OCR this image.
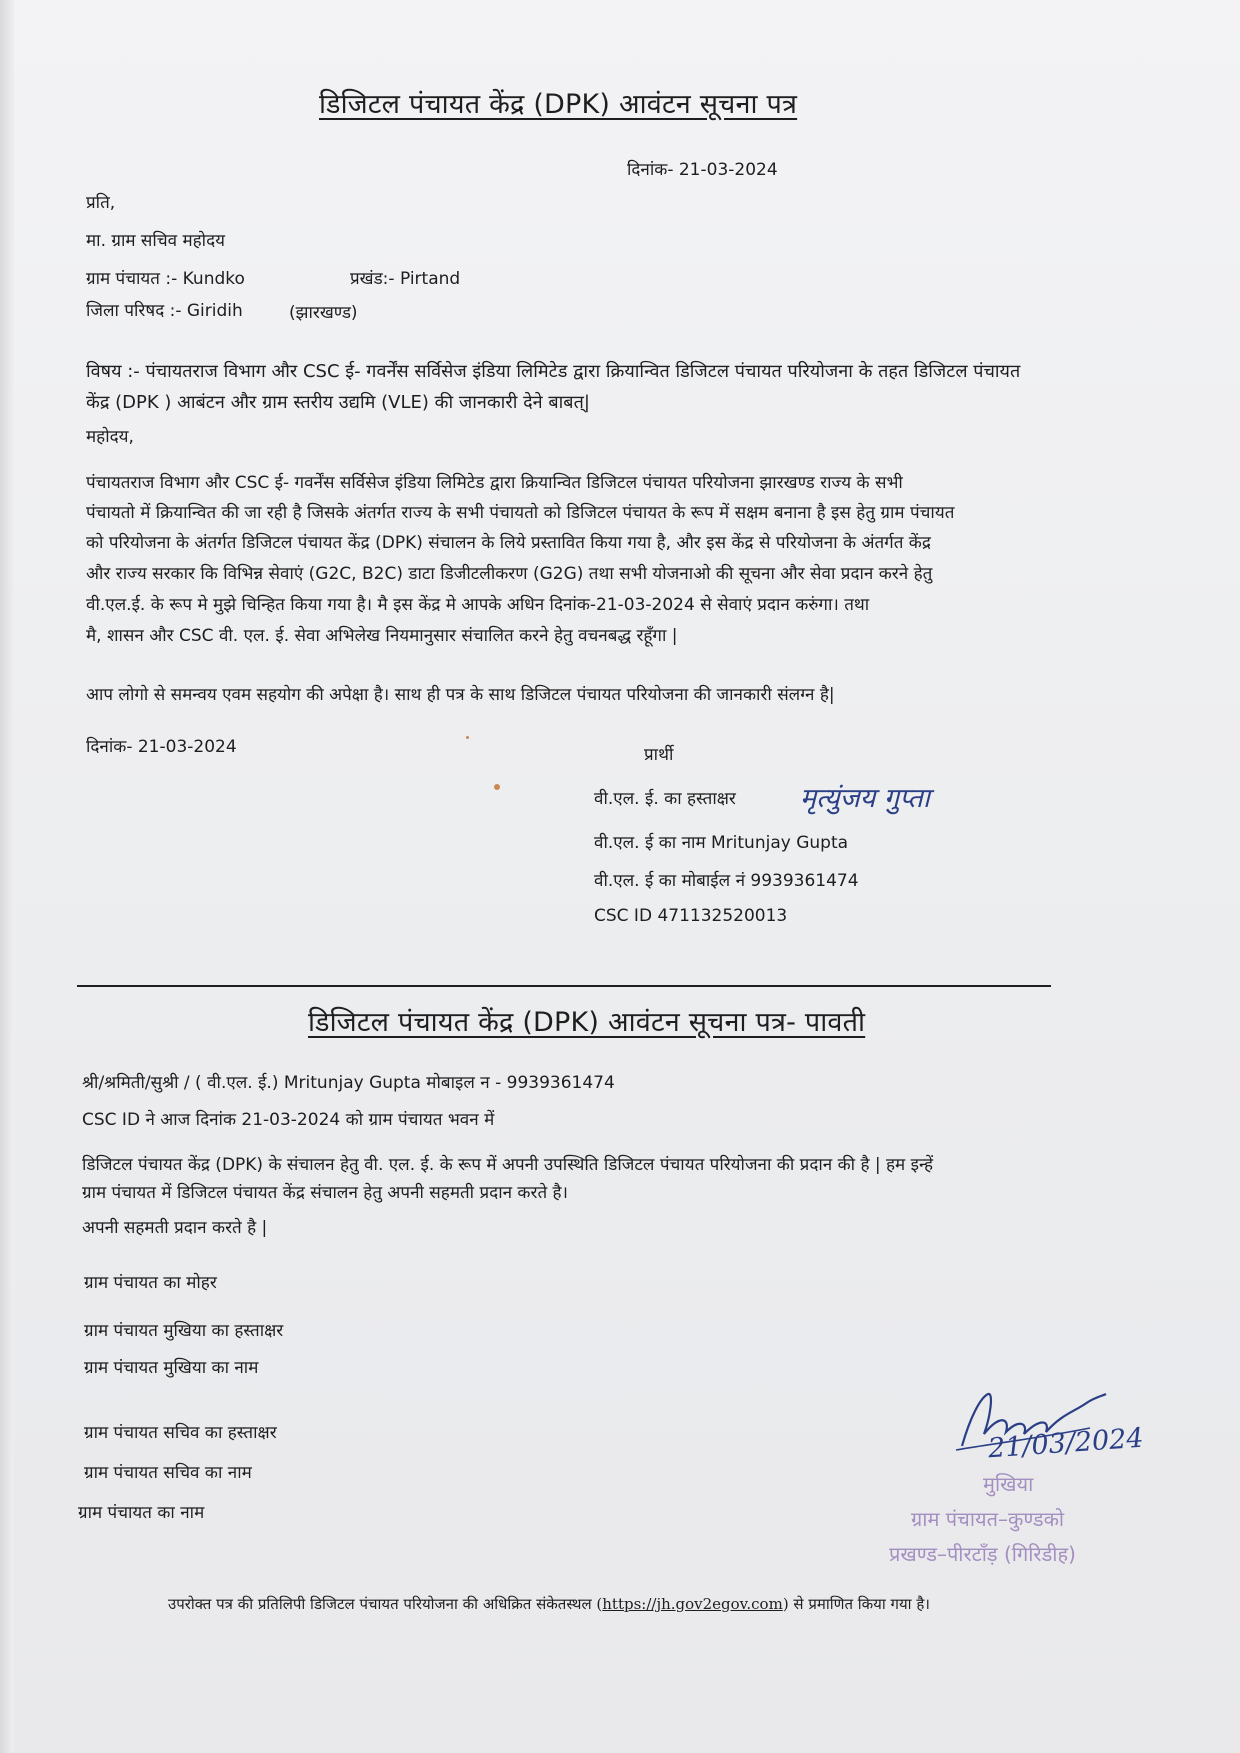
डिजिटल पंचायत केंद्र (DPK) आवंटन सूचना पत्र
दिनांक- 21-03-2024
प्रति,
मा. ग्राम सचिव महोदय
ग्राम पंचायत :- Kundko	प्रखंड:- Pirtand
जिला परिषद :- Giridih	(झारखण्ड)
विषय :- पंचायतराज विभाग और CSC ई- गवर्नेंस सर्विसेज इंडिया लिमिटेड द्वारा क्रियान्वित डिजिटल पंचायत परियोजना के तहत डिजिटल पंचायत केंद्र (DPK ) आबंटन और ग्राम स्तरीय उद्यमि (VLE) की जानकारी देने बाबत्|
महोदय,
पंचायतराज विभाग और CSC ई- गवर्नेंस सर्विसेज इंडिया लिमिटेड द्वारा क्रियान्वित डिजिटल पंचायत परियोजना झारखण्ड राज्य के सभी
पंचायतो में क्रियान्वित की जा रही है जिसके अंतर्गत राज्य के सभी पंचायतो को डिजिटल पंचायत के रूप में सक्षम बनाना है इस हेतु ग्राम पंचायत
को परियोजना के अंतर्गत डिजिटल पंचायत केंद्र (DPK) संचालन के लिये प्रस्तावित किया गया है, और इस केंद्र से परियोजना के अंतर्गत केंद्र
और राज्य सरकार कि विभिन्न सेवाएं (G2C, B2C) डाटा डिजीटलीकरण (G2G) तथा सभी योजनाओ की सूचना और सेवा प्रदान करने हेतु
वी.एल.ई. के रूप मे मुझे चिन्हित किया गया है। मै इस केंद्र मे आपके अधिन दिनांक-21-03-2024 से सेवाएं प्रदान करुंगा। तथा
मै, शासन और CSC वी. एल. ई. सेवा अभिलेख नियमानुसार संचालित करने हेतु वचनबद्ध रहूँगा |
आप लोगो से समन्वय एवम सहयोग की अपेक्षा है। साथ ही पत्र के साथ डिजिटल पंचायत परियोजना की जानकारी संलग्न है|
दिनांक- 21-03-2024	प्रार्थी
वी.एल. ई. का हस्ताक्षर मृत्युंजय गुप्ता
वी.एल. ई का नाम Mritunjay Gupta
वी.एल. ई का मोबाईल नं 9939361474
CSC ID 471132520013
डिजिटल पंचायत केंद्र (DPK) आवंटन सूचना पत्र- पावती
श्री/श्रमिती/सुश्री / ( वी.एल. ई.) Mritunjay Gupta मोबाइल न - 9939361474
CSC ID ने आज दिनांक 21-03-2024 को ग्राम पंचायत भवन में
डिजिटल पंचायत केंद्र (DPK) के संचालन हेतु वी. एल. ई. के रूप में अपनी उपस्थिति डिजिटल पंचायत परियोजना की प्रदान की है | हम इन्हें
ग्राम पंचायत में डिजिटल पंचायत केंद्र संचालन हेतु अपनी सहमती प्रदान करते है।
अपनी सहमती प्रदान करते है |
ग्राम पंचायत का मोहर
ग्राम पंचायत मुखिया का हस्ताक्षर
ग्राम पंचायत मुखिया का नाम
ग्राम पंचायत सचिव का हस्ताक्षर
ग्राम पंचायत सचिव का नाम
ग्राम पंचायत का नाम
21/03/2024
मुखिया
ग्राम पंचायत–कुण्डको
प्रखण्ड–पीरटाँड़ (गिरिडीह)
उपरोक्त पत्र की प्रतिलिपी डिजिटल पंचायत परियोजना की अधिक्रित संकेतस्थल (https://jh.gov2egov.com) से प्रमाणित किया गया है।
